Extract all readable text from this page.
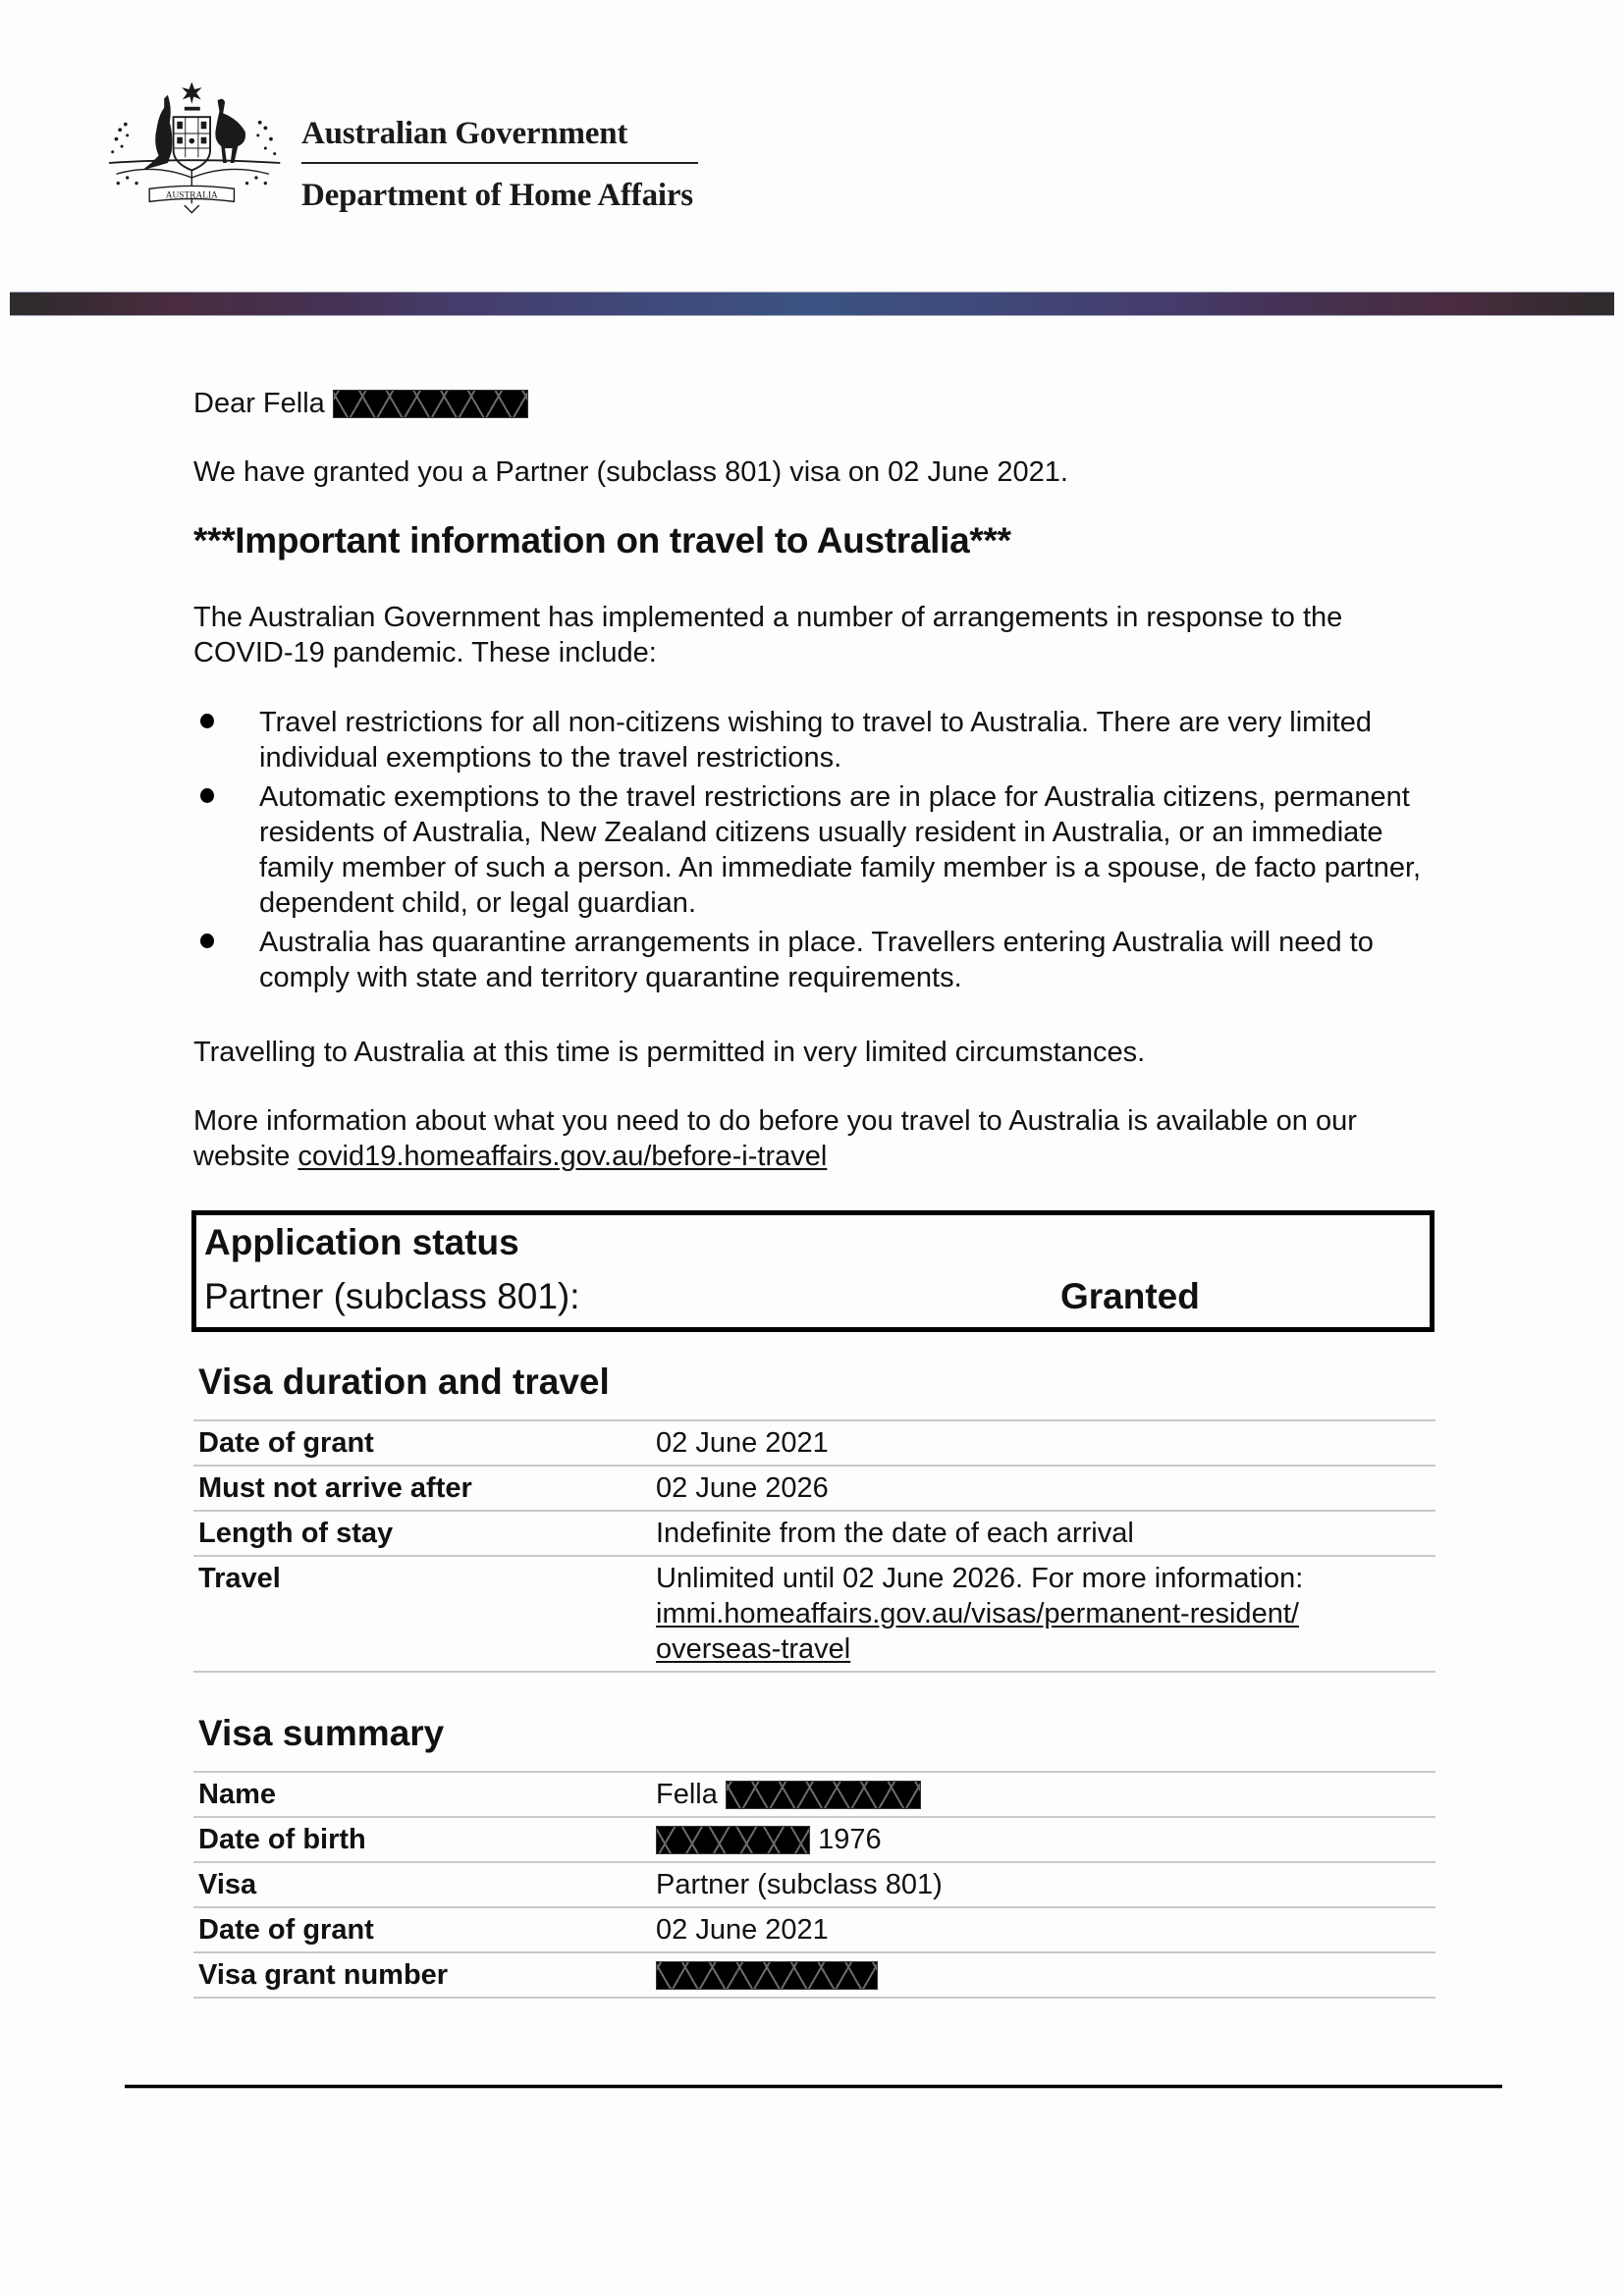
AUSTRALIA
Australian Government
Department of Home Affairs
Dear Fella
We have granted you a Partner (subclass 801) visa on 02 June 2021.
***Important information on travel to Australia***
The Australian Government has implemented a number of arrangements in response to the COVID-19 pandemic. These include:
Travel restrictions for all non-citizens wishing to travel to Australia. There are very limited individual exemptions to the travel restrictions.
Automatic exemptions to the travel restrictions are in place for Australia citizens, permanent residents of Australia, New Zealand citizens usually resident in Australia, or an immediate family member of such a person. An immediate family member is a spouse, de facto partner, dependent child, or legal guardian.
Australia has quarantine arrangements in place. Travellers entering Australia will need to comply with state and territory quarantine requirements.
Travelling to Australia at this time is permitted in very limited circumstances.
More information about what you need to do before you travel to Australia is available on our website covid19.homeaffairs.gov.au/before-i-travel
Application status
Partner (subclass 801):	Granted
Visa duration and travel
Date of grant	02 June 2021
Must not arrive after	02 June 2026
Length of stay	Indefinite from the date of each arrival
Travel	Unlimited until 02 June 2026. For more information:
immi.homeaffairs.gov.au/visas/permanent-resident/
overseas-travel
Visa summary
Name	Fella
Date of birth	1976
Visa	Partner (subclass 801)
Date of grant	02 June 2021
Visa grant number
